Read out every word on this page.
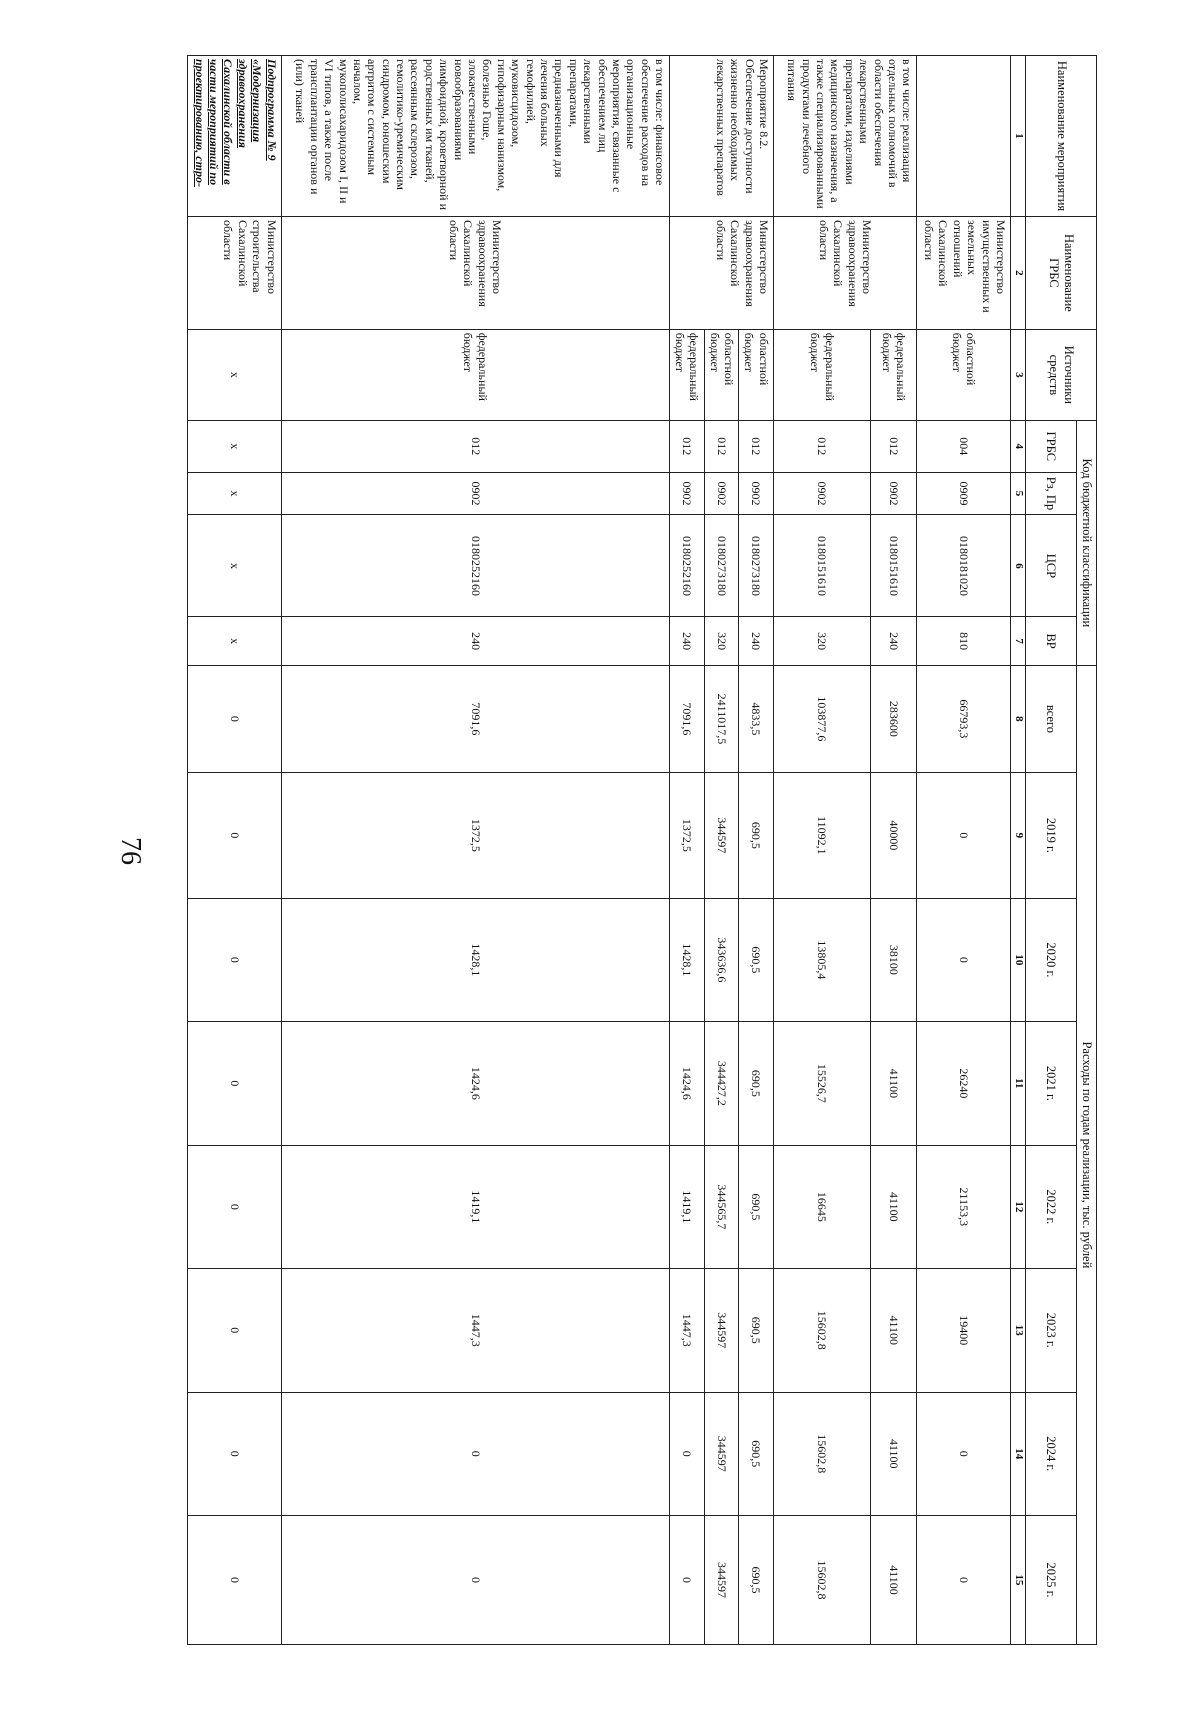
76
Наименование мероприятия	Наименование ГРБС	Источники средств	Код бюджетной классификации				Расходы по годам реализации, тыс. рублей							
			ГРБС	Рз, Пр	ЦСР	ВР	всего	2019 г.	2020 г.	2021 г.	2022 г.	2023 г.	2024 г.	2025 г.
1	2	3	4	5	6	7	8	9	10	11	12	13	14	15
	Министерство имущественных и земельных отношений Сахалинской области	областной бюджет	004	0909	0180181020	810	66793,3	0	0	26240	21153,3	19400	0	0
в том числе: реализация отдельных полномочий в области обеспечения лекарственными препаратами, изделиями медицинского назначения, а также специализированными продуктами лечебного питания	Министерство здравоохранения Сахалинской области	федеральный бюджет	012	0902	0180151610	240	283600	40000	38100	41100	41100	41100	41100	41100
		федеральный бюджет	012	0902	0180151610	320	103877,6	11092,1	13805,4	15526,7	16645	15602,8	15602,8	15602,8
Мероприятие 8.2. Обеспечение доступности жизненно необходимых лекарственных препаратов	Министерство здравоохранения Сахалинской области	областной бюджет	012	0902	0180273180	240	4833,5	690,5	690,5	690,5	690,5	690,5	690,5	690,5
		областной бюджет	012	0902	0180273180	320	2411017,5	344597	343636,6	344427,2	344565,7	344597	344597	344597
		федеральный бюджет	012	0902	0180252160	240	7091,6	1372,5	1428,1	1424,6	1419,1	1447,3	0	0
в том числе: финансовое обеспечение расходов на организационные мероприятия, связанные с обеспечением лиц лекарственными препаратами, предназначенными для лечения больных гемофилией, муковисцидозом, гипофизарным нанизмом, болезнью Гоше, злокачественными новообразованиями лимфоидной, кроветворной и родственных им тканей, рассеянным склерозом, гемолитико-уремическим синдромом, юношеским артритом с системным началом, мукополисахаридозом I, II и VI типов, а также после трансплантации органов и (или) тканей	Министерство здравоохранения Сахалинской области	федеральный бюджет	012	0902	0180252160	240	7091,6	1372,5	1428,1	1424,6	1419,1	1447,3	0	0
Подпрограмма № 9 «Модернизация здравоохранения Сахалинской области в части мероприятий по проектированию, стро-	Министерство строительства Сахалинской области	х	х	х	х	х	0	0	0	0	0	0	0	0
